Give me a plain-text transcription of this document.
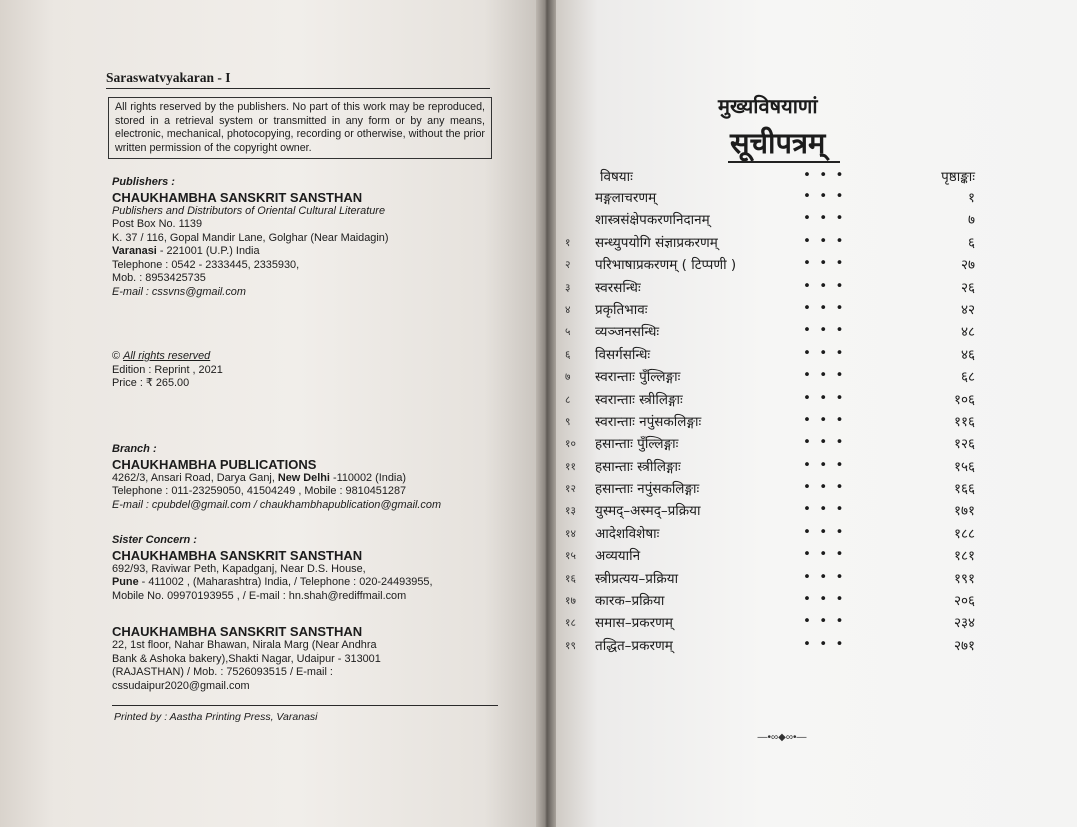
Saraswatvyakaran - I

All rights reserved by the publishers. No part of this work may be reproduced, stored in a retrieval system or transmitted in any form or by any means, electronic, mechanical, photocopying, recording or otherwise, without the prior written permission of the copyright owner.

Publishers :
CHAUKHAMBHA SANSKRIT SANSTHAN
Publishers and Distributors of Oriental Cultural Literature
Post Box No. 1139
K. 37 / 116, Gopal Mandir Lane, Golghar (Near Maidagin)
Varanasi - 221001 (U.P.) India
Telephone : 0542 - 2333445, 2335930,
Mob. : 8953425735
E-mail : cssvns@gmail.com
© All rights reserved
Edition : Reprint , 2021
Price : ₹ 265.00
Branch :
CHAUKHAMBHA PUBLICATIONS
4262/3, Ansari Road, Darya Ganj, New Delhi -110002 (India)
Telephone : 011-23259050, 41504249 , Mobile : 9810451287
E-mail : cpubdel@gmail.com / chaukhambhapublication@gmail.com
Sister Concern :
CHAUKHAMBHA SANSKRIT SANSTHAN
692/93, Raviwar Peth, Kapadganj, Near D.S. House,
Pune - 411002 , (Maharashtra) India, / Telephone : 020-24493955,
Mobile No. 09970193955 , / E-mail : hn.shah@rediffmail.com
CHAUKHAMBHA SANSKRIT SANSTHAN
22, 1st floor, Nahar Bhawan, Nirala Marg (Near Andhra
Bank & Ashoka bakery),Shakti Nagar, Udaipur - 313001
(RAJASTHAN) / Mob. : 7526093515 / E-mail :
cssudaipur2020@gmail.com
Printed by : Aastha Printing Press, Varanasi
मुख्यविषयाणां
सूचीपत्रम्
विषयाः	• • •	पृष्ठाङ्काः
मङ्गलाचरणम्	• • •	१
शास्त्रसंक्षेपकरणनिदानम्	• • •	७
१	सन्ध्युपयोगि संज्ञाप्रकरणम्	• • •	६
२	परिभाषाप्रकरणम् ( टिप्पणी )	• • •	२७
३	स्वरसन्धिः	• • •	२६
४	प्रकृतिभावः	• • •	४२
५	व्यञ्जनसन्धिः	• • •	४८
६	विसर्गसन्धिः	• • •	४६
७	स्वरान्ताः पुँल्लिङ्गाः	• • •	६८
८	स्वरान्ताः स्त्रीलिङ्गाः	• • •	१०६
९	स्वरान्ताः नपुंसकलिङ्गाः	• • •	११६
१०	हसान्ताः पुँल्लिङ्गाः	• • •	१२६
११	हसान्ताः स्त्रीलिङ्गाः	• • •	१५६
१२	हसान्ताः नपुंसकलिङ्गाः	• • •	१६६
१३	युस्मद्–अस्मद्–प्रक्रिया	• • •	१७१
१४	आदेशविशेषाः	• • •	१८८
१५	अव्ययानि	• • •	१८१
१६	स्त्रीप्रत्यय–प्रक्रिया	• • •	१९१
१७	कारक–प्रक्रिया	• • •	२०६
१८	समास–प्रकरणम्	• • •	२३४
१९	तद्धित–प्रकरणम्	• • •	२७१
—•∞◆∞•—
